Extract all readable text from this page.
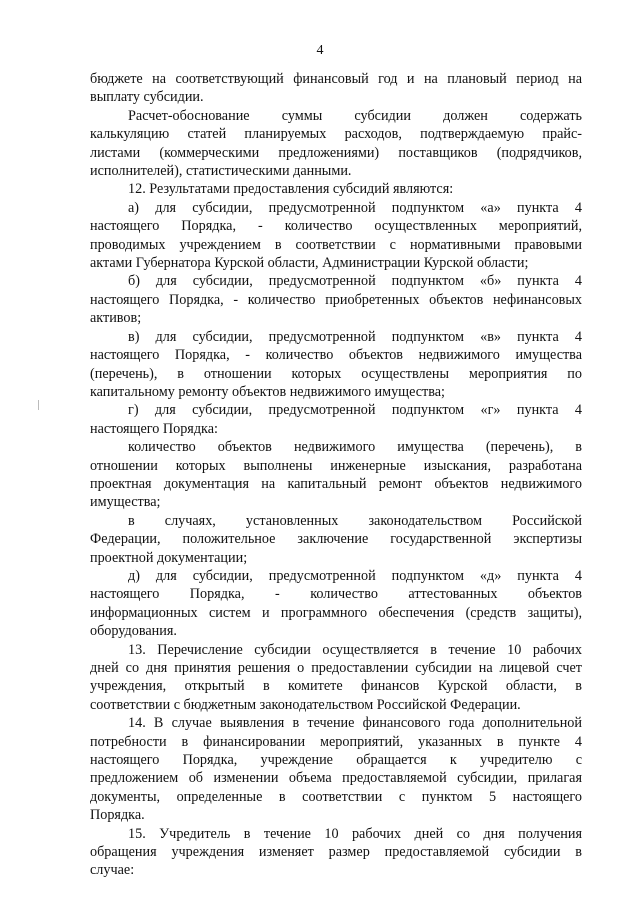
4

бюджете на соответствующий финансовый год и на плановый период на

выплату субсидии.

Расчет-обоснование суммы субсидии должен содержать

калькуляцию статей планируемых расходов, подтверждаемую прайс-

листами (коммерческими предложениями) поставщиков (подрядчиков,

исполнителей), статистическими данными.

12. Результатами предоставления субсидий являются:

а) для субсидии, предусмотренной подпунктом «а» пункта 4

настоящего Порядка, - количество осуществленных мероприятий,

проводимых учреждением в соответствии с нормативными правовыми

актами Губернатора Курской области, Администрации Курской области;

б) для субсидии, предусмотренной подпунктом «б» пункта 4

настоящего Порядка, - количество приобретенных объектов нефинансовых

активов;

в) для субсидии, предусмотренной подпунктом «в» пункта 4

настоящего Порядка, - количество объектов недвижимого имущества

(перечень), в отношении которых осуществлены мероприятия по

капитальному ремонту объектов недвижимого имущества;

г) для субсидии, предусмотренной подпунктом «г» пункта 4

настоящего Порядка:

количество объектов недвижимого имущества (перечень), в

отношении которых выполнены инженерные изыскания, разработана

проектная документация на капитальный ремонт объектов недвижимого

имущества;

в случаях, установленных законодательством Российской

Федерации, положительное заключение государственной экспертизы

проектной документации;

д) для субсидии, предусмотренной подпунктом «д» пункта 4

настоящего Порядка, - количество аттестованных объектов

информационных систем и программного обеспечения (средств защиты),

оборудования.

13. Перечисление субсидии осуществляется в течение 10 рабочих

дней со дня принятия решения о предоставлении субсидии на лицевой счет

учреждения, открытый в комитете финансов Курской области, в

соответствии с бюджетным законодательством Российской Федерации.

14. В случае выявления в течение финансового года дополнительной

потребности в финансировании мероприятий, указанных в пункте 4

настоящего Порядка, учреждение обращается к учредителю с

предложением об изменении объема предоставляемой субсидии, прилагая

документы, определенные в соответствии с пунктом 5 настоящего

Порядка.

15. Учредитель в течение 10 рабочих дней со дня получения

обращения учреждения изменяет размер предоставляемой субсидии в

случае:
